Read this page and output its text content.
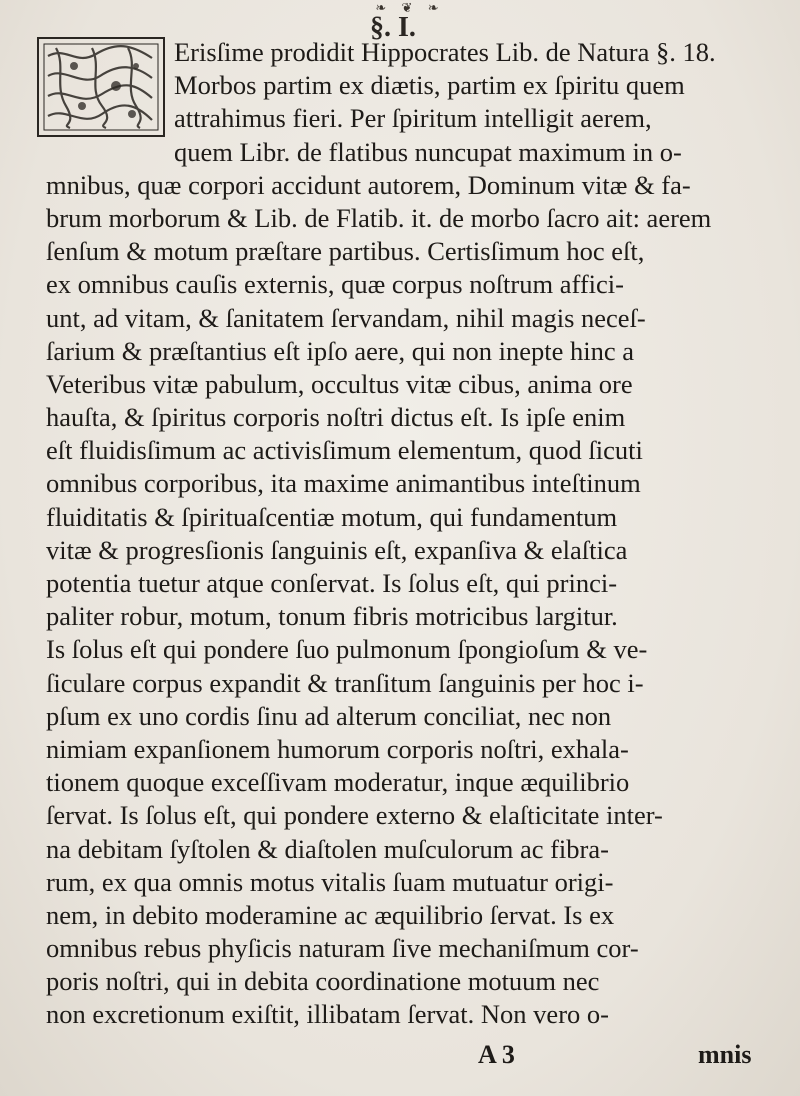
❧ ❦ ❧
§. I.
Erisſime prodidit Hippocrates Lib. de Natura §. 18.
Morbos partim ex diætis, partim ex ſpiritu quem
attrahimus fieri. Per ſpiritum intelligit aerem,
quem Libr. de flatibus nuncupat maximum in o-
mnibus, quæ corpori accidunt autorem, Dominum vitæ & fa-
brum morborum & Lib. de Flatib. it. de morbo ſacro ait: aerem
ſenſum & motum præſtare partibus. Certisſimum hoc eſt,
ex omnibus cauſis externis, quæ corpus noſtrum affici-
unt, ad vitam, & ſanitatem ſervandam, nihil magis neceſ-
ſarium & præſtantius eſt ipſo aere, qui non inepte hinc a
Veteribus vitæ pabulum, occultus vitæ cibus, anima ore
hauſta, & ſpiritus corporis noſtri dictus eſt. Is ipſe enim
eſt fluidisſimum ac activisſimum elementum, quod ſicuti
omnibus corporibus, ita maxime animantibus inteſtinum
fluiditatis & ſpirituaſcentiæ motum, qui fundamentum
vitæ & progresſionis ſanguinis eſt, expanſiva & elaſtica
potentia tuetur atque conſervat. Is ſolus eſt, qui princi-
paliter robur, motum, tonum fibris motricibus largitur.
Is ſolus eſt qui pondere ſuo pulmonum ſpongioſum & ve-
ſiculare corpus expandit & tranſitum ſanguinis per hoc i-
pſum ex uno cordis ſinu ad alterum conciliat, nec non
nimiam expanſionem humorum corporis noſtri, exhala-
tionem quoque exceſſivam moderatur, inque æquilibrio
ſervat. Is ſolus eſt, qui pondere externo & elaſticitate inter-
na debitam ſyſtolen & diaſtolen muſculorum ac fibra-
rum, ex qua omnis motus vitalis ſuam mutuatur origi-
nem, in debito moderamine ac æquilibrio ſervat. Is ex
omnibus rebus phyſicis naturam ſive mechaniſmum cor-
poris noſtri, qui in debita coordinatione motuum nec
non excretionum exiſtit, illibatam ſervat. Non vero o-
A 3	mnis
